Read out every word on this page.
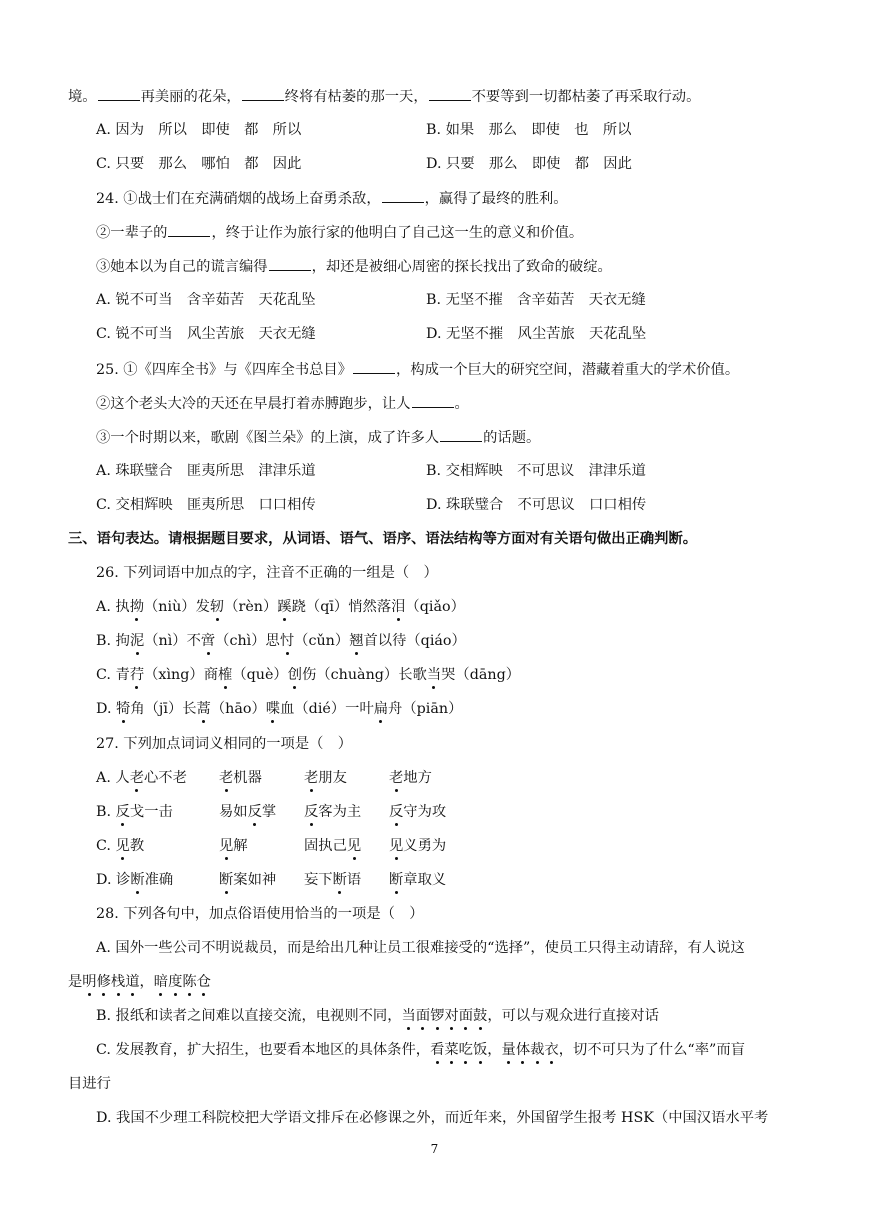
境。	再美丽的花朵，	终将有枯萎的那一天，	不要等到一切都枯萎了再采取行动。
A. 因为　所以　即使　都　所以	B. 如果　那么　即使　也　所以
C. 只要　那么　哪怕　都　因此	D. 只要　那么　即使　都　因此
24. ①战士们在充满硝烟的战场上奋勇杀敌，	，赢得了最终的胜利。
②一辈子的	，终于让作为旅行家的他明白了自己这一生的意义和价值。
③她本以为自己的谎言编得	，却还是被细心周密的探长找出了致命的破绽。
A. 锐不可当　含辛茹苦　天花乱坠	B. 无坚不摧　含辛茹苦　天衣无缝
C. 锐不可当　风尘苦旅　天衣无缝	D. 无坚不摧　风尘苦旅　天花乱坠
25. ①《四库全书》与《四库全书总目》	，构成一个巨大的研究空间，潜藏着重大的学术价值。
②这个老头大冷的天还在早晨打着赤膊跑步，让人	。
③一个时期以来，歌剧《图兰朵》的上演，成了许多人	的话题。
A. 珠联璧合　匪夷所思　津津乐道	B. 交相辉映　不可思议　津津乐道
C. 交相辉映　匪夷所思　口口相传	D. 珠联璧合　不可思议　口口相传
三、语句表达。请根据题目要求，从词语、语气、语序、语法结构等方面对有关语句做出正确判断。
26. 下列词语中加点的字，注音不正确的一组是（　）
A. 执拗（niù）发轫（rèn）蹊跷（qī）悄然落泪（qiǎo）
B. 拘泥（nì）不啻（chì）思忖（cǔn）翘首以待（qiáo）
C. 青荇（xìng）商榷（què）创伤（chuàng）长歌当哭（dāng）
D. 犄角（jī）长蒿（hāo）喋血（dié）一叶扁舟（piān）
27. 下列加点词词义相同的一项是（　）
A. 人老心不老 老机器	老朋友	老地方
B. 反戈一击	易如反掌 反客为主 反守为攻
C. 见教	见解	固执己见 见义勇为
D. 诊断准确	断案如神 妄下断语 断章取义
28. 下列各句中，加点俗语使用恰当的一项是（　）
A. 国外一些公司不明说裁员，而是给出几种让员工很难接受的“选择”，使员工只得主动请辞，有人说这
是明修栈道，暗度陈仓
B. 报纸和读者之间难以直接交流，电视则不同，当面锣对面鼓，可以与观众进行直接对话
C. 发展教育，扩大招生，也要看本地区的具体条件，看菜吃饭，量体裁衣，切不可只为了什么“率”而盲
目进行
D. 我国不少理工科院校把大学语文排斥在必修课之外，而近年来，外国留学生报考 HSK（中国汉语水平考
7
